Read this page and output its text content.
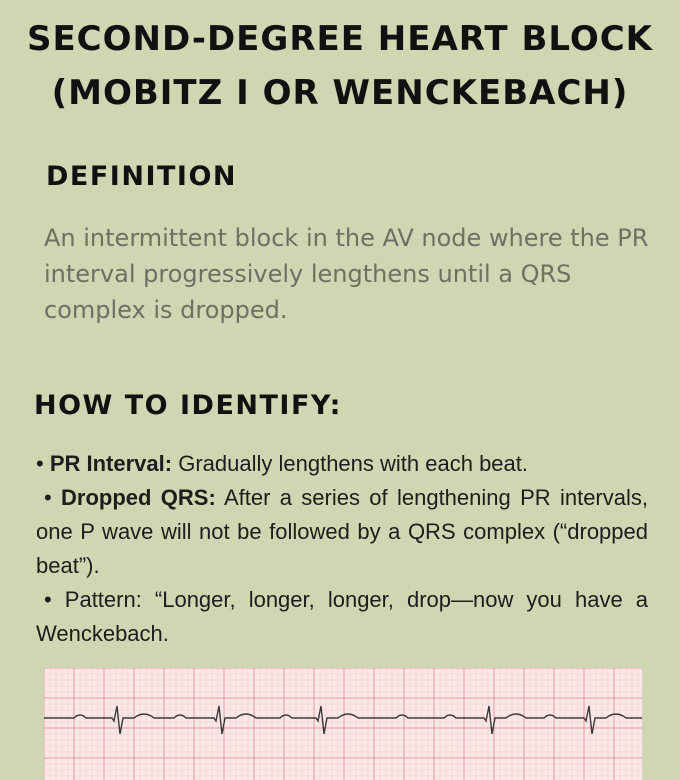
SECOND-DEGREE HEART BLOCK
(MOBITZ I OR WENCKEBACH)
DEFINITION
An intermittent block in the AV node where the PR interval progressively lengthens until a QRS complex is dropped.
HOW TO IDENTIFY:

• PR Interval: Gradually lengthens with each beat.

• Dropped QRS: After a series of lengthening PR intervals, one P wave will not be followed by a QRS complex (“dropped beat”).

• Pattern: “Longer, longer, longer, drop—now you have a Wenckebach.
